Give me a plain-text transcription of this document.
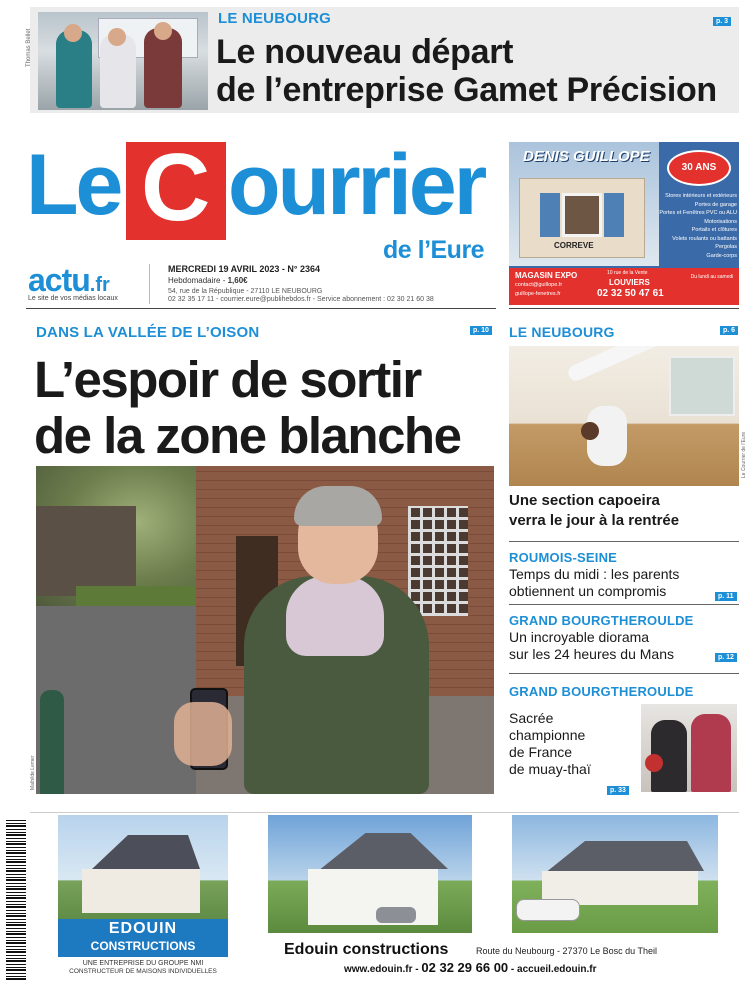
Thomas Bellet
LE NEUBOURG	p. 3
Le nouveau départ
de l’entreprise Gamet Précision
Le C ourrier
de l’Eure
actu.fr
Le site de vos médias locaux
MERCREDI 19 AVRIL 2023 - N° 2364
Hebdomadaire - 1,60€
54, rue de la République - 27110 LE NEUBOURG
02 32 35 17 11 - courrier.eure@publihebdos.fr - Service abonnement : 02 30 21 60 38
DENIS GUILLOPE
CORREVE
30 ANS
Stores intérieurs et extérieurs
Portes de garage
Portes et Fenêtres PVC ou ALU
Motorisations
Portails et clôtures
Volets roulants ou battants
Pergolas
Garde-corps
MAGASIN EXPO
contact@guillope.fr
guillope-fenetres.fr
10 rue de la Vente
LOUVIERS
02 32 50 47 61
Du lundi au samedi
DANS LA VALLÉE DE L’OISON	p. 10
L’espoir de sortir
de la zone blanche
Mathilde Lemer
LE NEUBOURG	p. 6
Le Courrier de l’Eure
Une section capoeira
verra le jour à la rentrée
ROUMOIS-SEINE
Temps du midi : les parents
obtiennent un compromis	p. 11
GRAND BOURGTHEROULDE
Un incroyable diorama
sur les 24 heures du Mans	p. 12
GRAND BOURGTHEROULDE
Sacrée
championne
de France
de muay-thaï
p. 33
EDOUIN
CONSTRUCTIONS
UNE ENTREPRISE DU GROUPE NMI
CONSTRUCTEUR DE MAISONS INDIVIDUELLES
Edouin constructions	Route du Neubourg - 27370 Le Bosc du Theil
www.edouin.fr - 02 32 29 66 00 - accueil.edouin.fr
